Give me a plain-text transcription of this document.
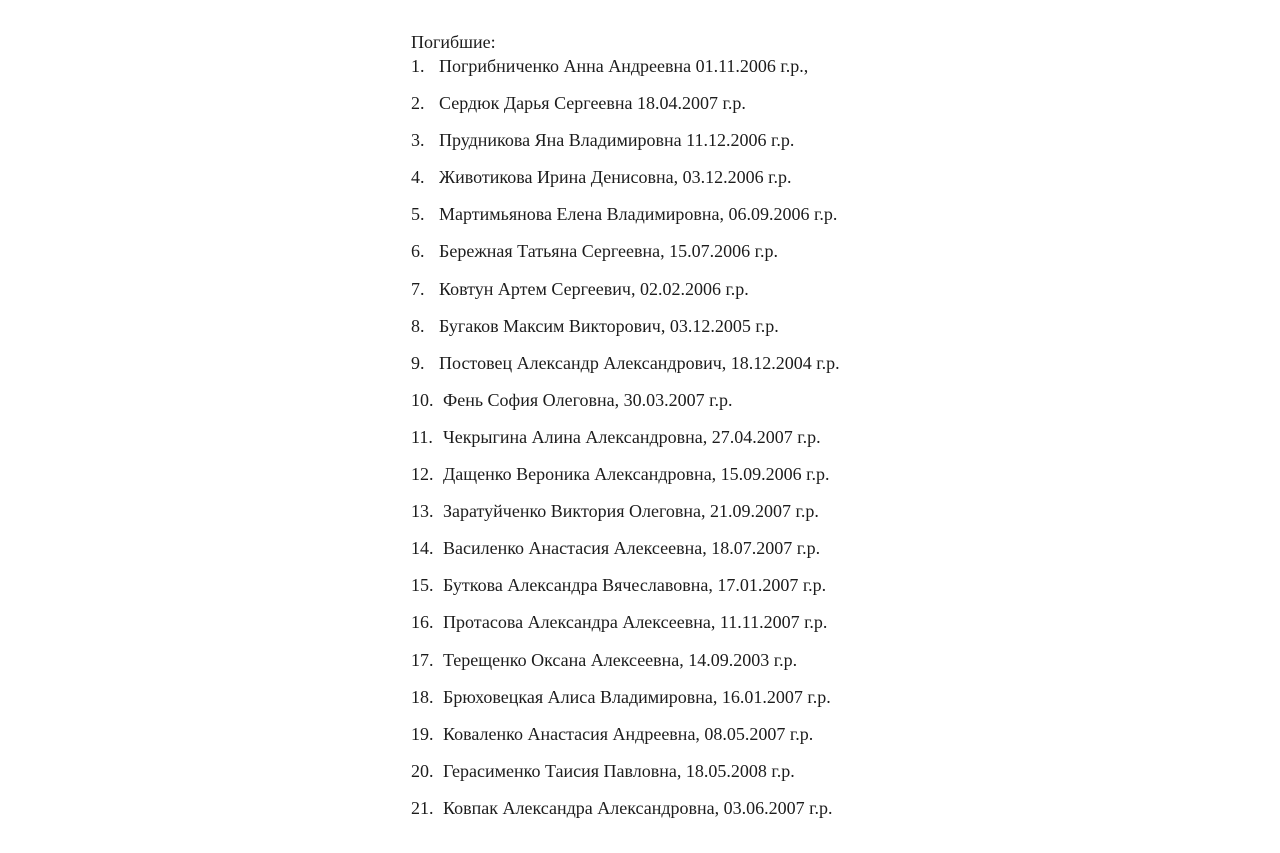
Погибшие:

1. Погрибниченко Анна Андреевна 01.11.2006 г.р.,
2. Сердюк Дарья Сергеевна 18.04.2007 г.р.
3. Прудникова Яна Владимировна 11.12.2006 г.р.
4. Животикова Ирина Денисовна, 03.12.2006 г.р.
5. Мартимьянова Елена Владимировна, 06.09.2006 г.р.
6. Бережная Татьяна Сергеевна, 15.07.2006 г.р.
7. Ковтун Артем Сергеевич, 02.02.2006 г.р.
8. Бугаков Максим Викторович, 03.12.2005 г.р.
9. Постовец Александр Александрович, 18.12.2004 г.р.
10. Фень София Олеговна, 30.03.2007 г.р.
11. Чекрыгина Алина Александровна, 27.04.2007 г.р.
12. Дащенко Вероника Александровна, 15.09.2006 г.р.
13. Заратуйченко Виктория Олеговна, 21.09.2007 г.р.
14. Василенко Анастасия Алексеевна, 18.07.2007 г.р.
15. Буткова Александра Вячеславовна, 17.01.2007 г.р.
16. Протасова Александра Алексеевна, 11.11.2007 г.р.
17. Терещенко Оксана Алексеевна, 14.09.2003 г.р.
18. Брюховецкая Алиса Владимировна, 16.01.2007 г.р.
19. Коваленко Анастасия Андреевна, 08.05.2007 г.р.
20. Герасименко Таисия Павловна, 18.05.2008 г.р.
21. Ковпак Александра Александровна, 03.06.2007 г.р.
